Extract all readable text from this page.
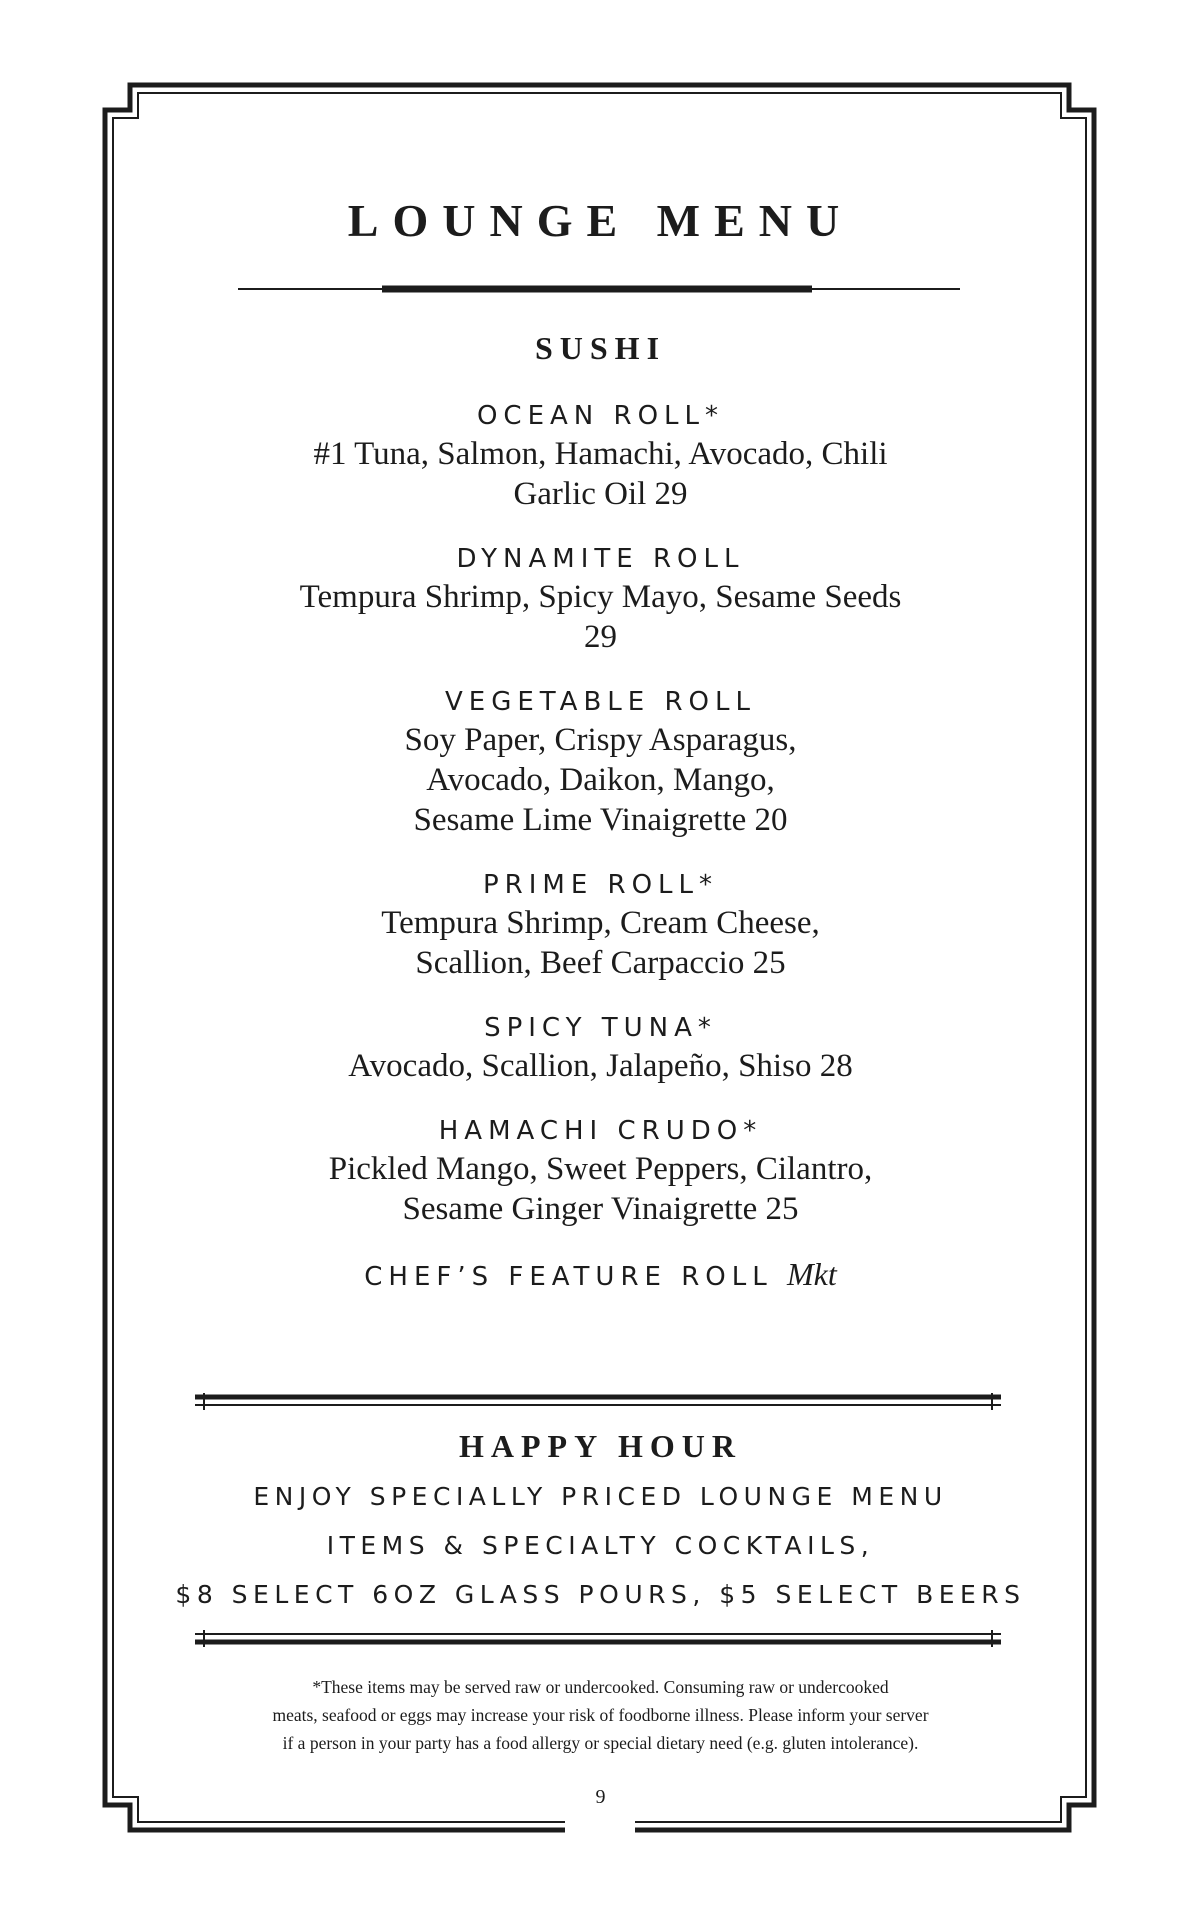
LOUNGE MENU
SUSHI
OCEAN ROLL*
#1 Tuna, Salmon, Hamachi, Avocado, Chili Garlic Oil 29
DYNAMITE ROLL
Tempura Shrimp, Spicy Mayo, Sesame Seeds 29
VEGETABLE ROLL
Soy Paper, Crispy Asparagus, Avocado, Daikon, Mango, Sesame Lime Vinaigrette 20
PRIME ROLL*
Tempura Shrimp, Cream Cheese, Scallion, Beef Carpaccio 25
SPICY TUNA*
Avocado, Scallion, Jalapeño, Shiso 28
HAMACHI CRUDO*
Pickled Mango, Sweet Peppers, Cilantro, Sesame Ginger Vinaigrette 25
CHEF’S FEATURE ROLL Mkt
HAPPY HOUR
ENJOY SPECIALLY PRICED LOUNGE MENU
ITEMS & SPECIALTY COCKTAILS,
$8 SELECT 6OZ GLASS POURS, $5 SELECT BEERS

*These items may be served raw or undercooked. Consuming raw or undercooked

meats, seafood or eggs may increase your risk of foodborne illness. Please inform your server

if a person in your party has a food allergy or special dietary need (e.g. gluten intolerance).

9
